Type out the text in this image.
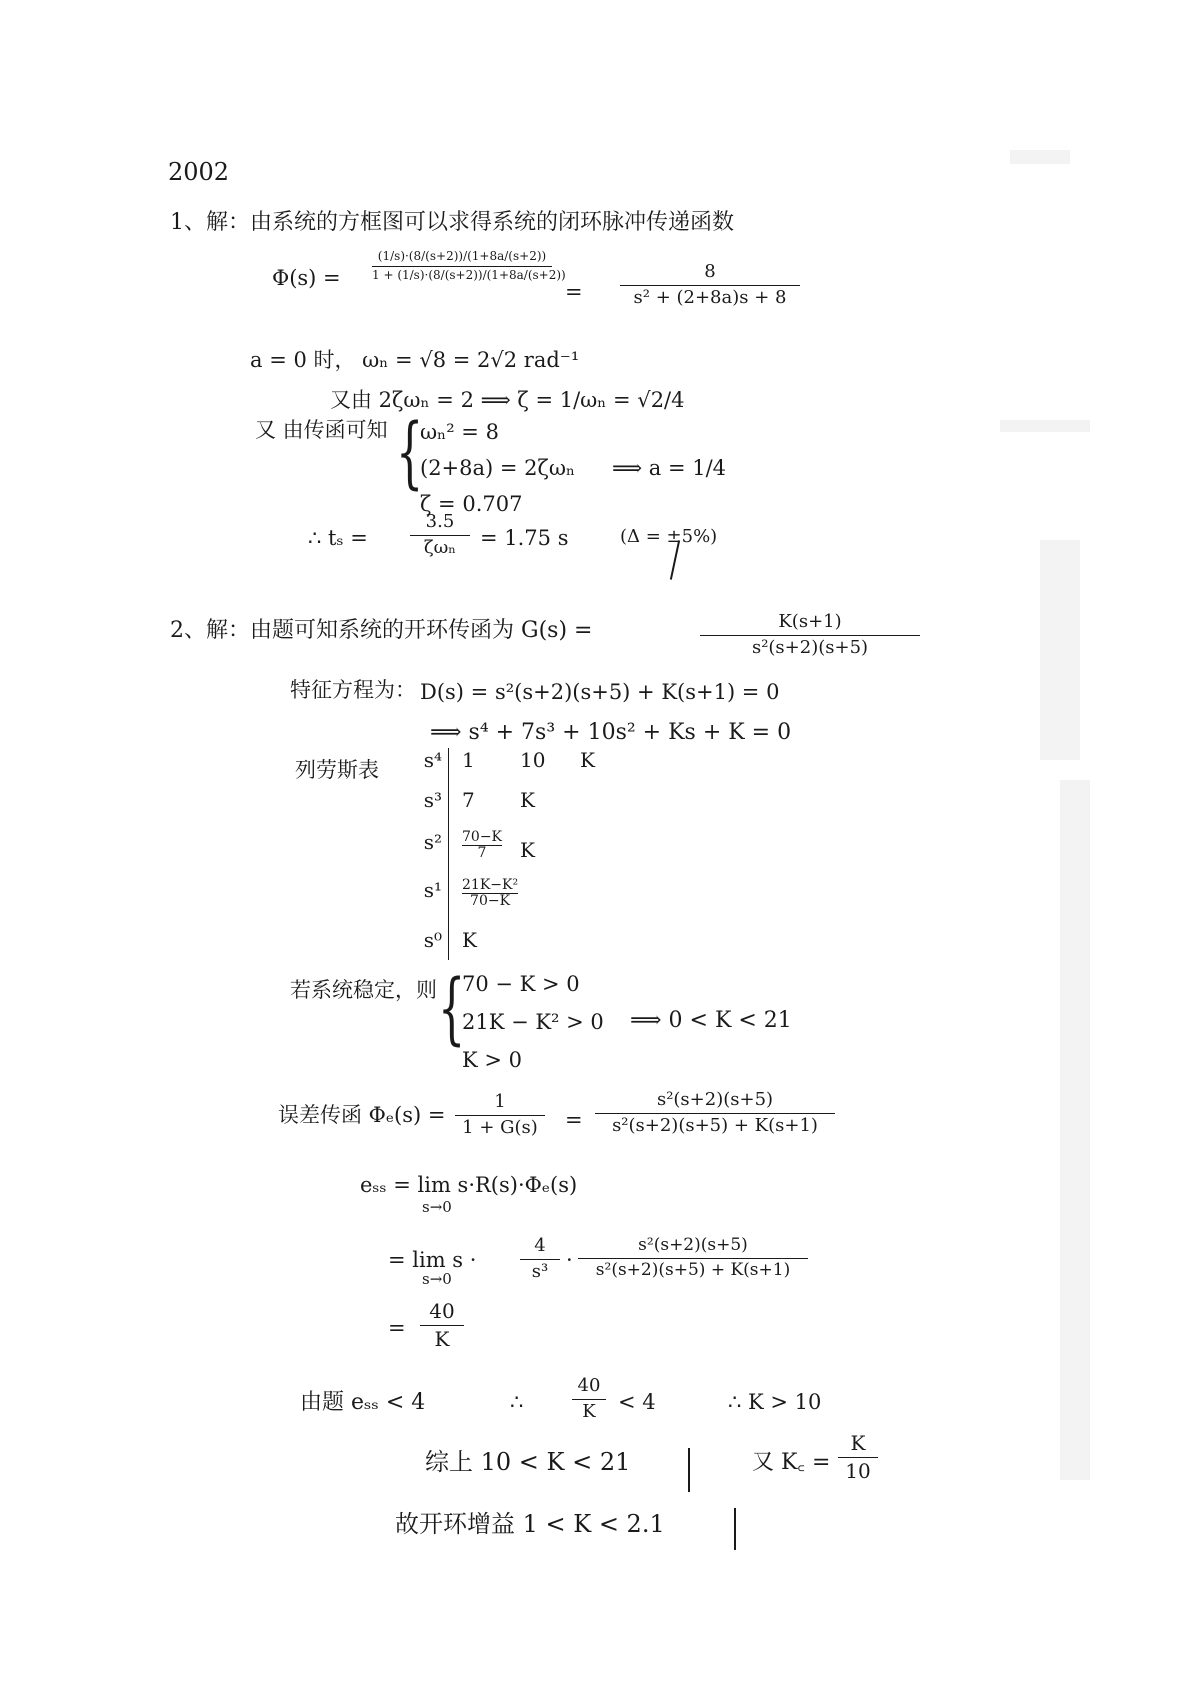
2002
1、解：由系统的方框图可以求得系统的闭环脉冲传递函数
Φ(s) =
(1/s)·(8/(s+2))/(1+8a/(s+2))
1 + (1/s)·(8/(s+2))/(1+8a/(s+2))
=
8
s² + (2+8a)s + 8
a = 0 时， ωₙ = √8 = 2√2 rad⁻¹
又由 2ζωₙ = 2 ⟹ ζ = 1/ωₙ = √2/4
又 由传函可知 {
ωₙ² = 8
(2+8a) = 2ζωₙ ⟹ a = 1/4
ζ = 0.707
∴ tₛ =
3.5
ζωₙ	= 1.75 s	(Δ = ±5%)
2、解：由题可知系统的开环传函为 G(s) =	K(s+1)
s²(s+2)(s+5)
特征方程为： D(s) = s²(s+2)(s+5) + K(s+1) = 0
⟹ s⁴ + 7s³ + 10s² + Ks + K = 0
列劳斯表	s⁴ 1 10 K
s³ 7 K
$s^2 \frac{70-K}{7}$ K
$s^1 \frac{\text{21K−K²}}{70-K}$
s⁰ K
若系统稳定，则 {
70 − K > 0
21K − K² > 0 ⟹ 0 < K < 21
K > 0
误差传函 Φₑ(s) =
1
1 + G(s)	=
s²(s+2)(s+5)
s²(s+2)(s+5) + K(s+1)
eₛₛ = lim s·R(s)·Φₑ(s)
s→0
= lim s ·
s→0
4
s³ ·
s²(s+2)(s+5)
s²(s+2)(s+5) + K(s+1)
=
40
K
由题 eₛₛ < 4	∴
40
K	< 4	∴ K > 10
综上 10 < K < 21	又 K꜀ =
K
10
故开环增益 1 < K < 2.1
